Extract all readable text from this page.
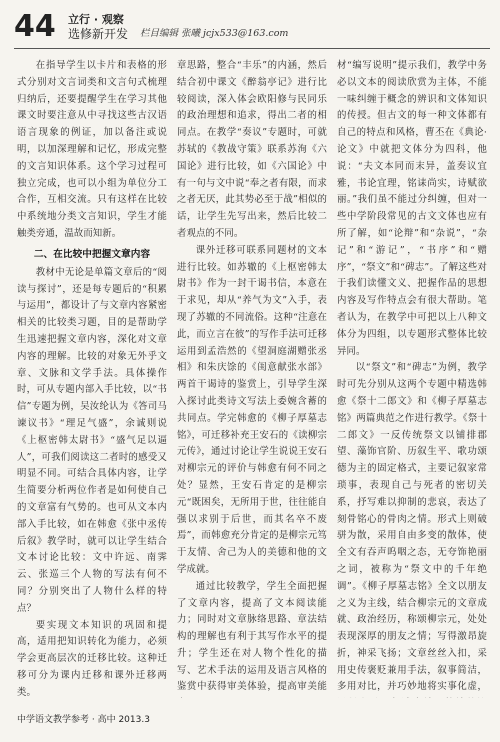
44 立行 · 观察
选修新开发 栏目编辑 张曦 jcjx533@163.com

在指导学生以卡片和表格的形式分别对文言词类和文言句式梳理归纳后，还要提醒学生在学习其他课文时要注意从中寻找这些古汉语语言现象的例证，加以备注或说明，以加深理解和记忆，形成完整的文言知识体系。这个学习过程可独立完成，也可以小组为单位分工合作，互相交流。只有这样在比较中系统地分类文言知识，学生才能触类旁通，温故而知新。

二、在比较中把握文章内容

教材中无论是单篇文章后的“阅读与探讨”，还是每专题后的“积累与运用”，都设计了与文章内容紧密相关的比较类习题，目的是帮助学生迅速把握文章内容，深化对文章内容的理解。比较的对象无外乎文章、文脉和文学手法。具体操作时，可从专题内部入手比较，以“书信”专题为例，吴汝纶认为《答司马谏议书》“理足气盛”，余诚则说《上枢密韩太尉书》“盛气足以逼人”，可我们阅读这二者时的感受又明显不同。可结合具体内容，让学生简要分析两位作者是如何使自己的文章富有气势的。也可从文本内部入手比较，如在韩愈《张中丞传后叙》教学时，就可以让学生结合文本讨论比较：文中许远、南霁云、张巡三个人物的写法有何不同？分别突出了人物什么样的特点？

要实现文本知识的巩固和提高，适用把知识转化为能力，必须学会更高层次的迁移比较。这种迁移可分为课内迁移和课外迁移两类。

章思路，整合“丰乐”的内涵，然后结合初中课文《醉翁亭记》进行比较阅读，深入体会欧阳修与民同乐的政治理想和追求，得出二者的相同点。在教学“奏议”专题时，可就苏轼的《教战守策》联系苏洵《六国论》进行比较，如《六国论》中有一句与文中说“奉之者有限，而求之者无厌，此其势必至于战”相似的话，让学生先写出来，然后比较二者观点的不同。

课外迁移可联系同题材的文本进行比较。如苏辙的《上枢密韩太尉书》作为一封干谒书信，本意在于求见，却从“养气为文”入手，表现了苏辙的不同流俗。这种“注意在此，而立言在彼”的写作手法可迁移运用到孟浩然的《望洞庭湖赠张丞相》和朱庆馀的《闺意献张水部》两首干谒诗的鉴赏上，引导学生深入探讨此类诗文写法上委婉含蓄的共同点。学完韩愈的《柳子厚墓志铭》，可迁移补充王安石的《读柳宗元传》，通过讨论让学生说说王安石对柳宗元的评价与韩愈有何不同之处？显然，王安石肯定的是柳宗元“既困矣，无所用于世，往往能自强以求别于后世，而其名卒不废焉”，而韩愈充分肯定的是柳宗元笃于友情、舍己为人的美德和他的文学成就。

通过比较教学，学生全面把握了文章内容，提高了文本阅读能力；同时对文章脉络思路、章法结构的理解也有利于其写作水平的提升；学生还在对人物个性化的描写、艺术手法的运用及语言风格的鉴赏中获得审美体验，提高审美能

材“编写说明”提示我们，教学中务必以文本的阅读欣赏为主体，不能一味纠缠于概念的辨识和文体知识的传授。但古文的每一种文体都有自己的特点和风格，曹丕在《典论·论文》中就把文体分为四科，他说：“夫文本同而末异，盖奏议宜雅，书论宜理，铭诔尚实，诗赋欲丽。”我们虽不能过分纠缠，但对一些中学阶段常见的古文文体也应有所了解，如“论辩”和“杂说”，“杂记”和“游记”，“书序”和“赠序”，“祭文”和“碑志”。了解这些对于我们读懂文义、把握作品的思想内容及写作特点会有很大帮助。笔者认为，在教学中可把以上八种文体分为四组，以专题形式整体比较异同。

以“祭文”和“碑志”为例，教学时可先分别从这两个专题中精选韩愈《祭十二郎文》和《柳子厚墓志铭》两篇典范之作进行教学。《祭十二郎文》一反传统祭文以铺排郡望、藻饰官阶、历叙生平、歌功颂德为主的固定格式，主要记叙家常琐事，表现自己与死者的密切关系，抒写难以抑制的悲哀，表达了刻骨铭心的骨肉之情。形式上则破骈为散，采用自由多变的散体，使全文有吞声呜咽之态，无夸饰艳丽之词，被称为“祭文中的千年绝调”。《柳子厚墓志铭》全文以朋友之义为主线，结合柳宗元的文章成就、政治经历，称颂柳宗元，处处表现深厚的朋友之情；写得激昂旋折，神采飞扬；文章丝丝入扣，采用史传褒贬兼用手法，叙事简洁，多用对比，并巧妙地将实事化虚，

中学语文教学参考 · 高中 2013.3
